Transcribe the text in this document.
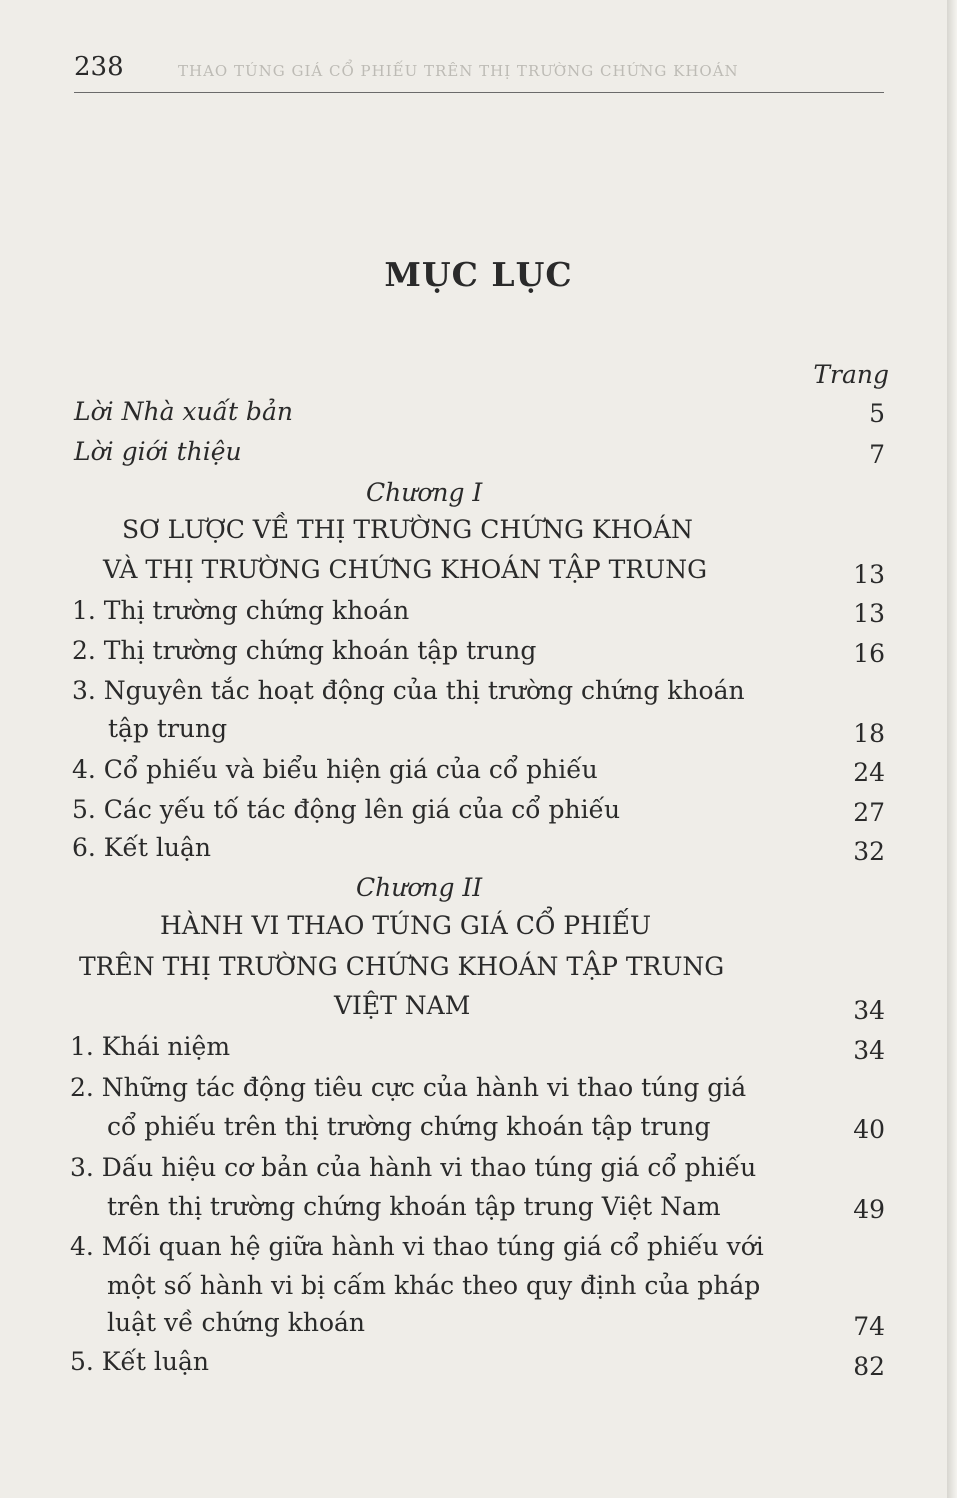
238	THAO TÚNG GIÁ CỔ PHIẾU TRÊN THỊ TRƯỜNG CHỨNG KHOÁN
MỤC LỤC
Trang
Lời Nhà xuất bản	5
Lời giới thiệu	7
Chương I
SƠ LƯỢC VỀ THỊ TRƯỜNG CHỨNG KHOÁN
VÀ THỊ TRƯỜNG CHỨNG KHOÁN TẬP TRUNG	13
1. Thị trường chứng khoán	13
2. Thị trường chứng khoán tập trung	16
3. Nguyên tắc hoạt động của thị trường chứng khoán
tập trung	18
4. Cổ phiếu và biểu hiện giá của cổ phiếu	24
5. Các yếu tố tác động lên giá của cổ phiếu	27
6. Kết luận	32
Chương II
HÀNH VI THAO TÚNG GIÁ CỔ PHIẾU
TRÊN THỊ TRƯỜNG CHỨNG KHOÁN TẬP TRUNG
VIỆT NAM	34
1. Khái niệm	34
2. Những tác động tiêu cực của hành vi thao túng giá
cổ phiếu trên thị trường chứng khoán tập trung	40
3. Dấu hiệu cơ bản của hành vi thao túng giá cổ phiếu
trên thị trường chứng khoán tập trung Việt Nam	49
4. Mối quan hệ giữa hành vi thao túng giá cổ phiếu với
một số hành vi bị cấm khác theo quy định của pháp
luật về chứng khoán	74
5. Kết luận	82
